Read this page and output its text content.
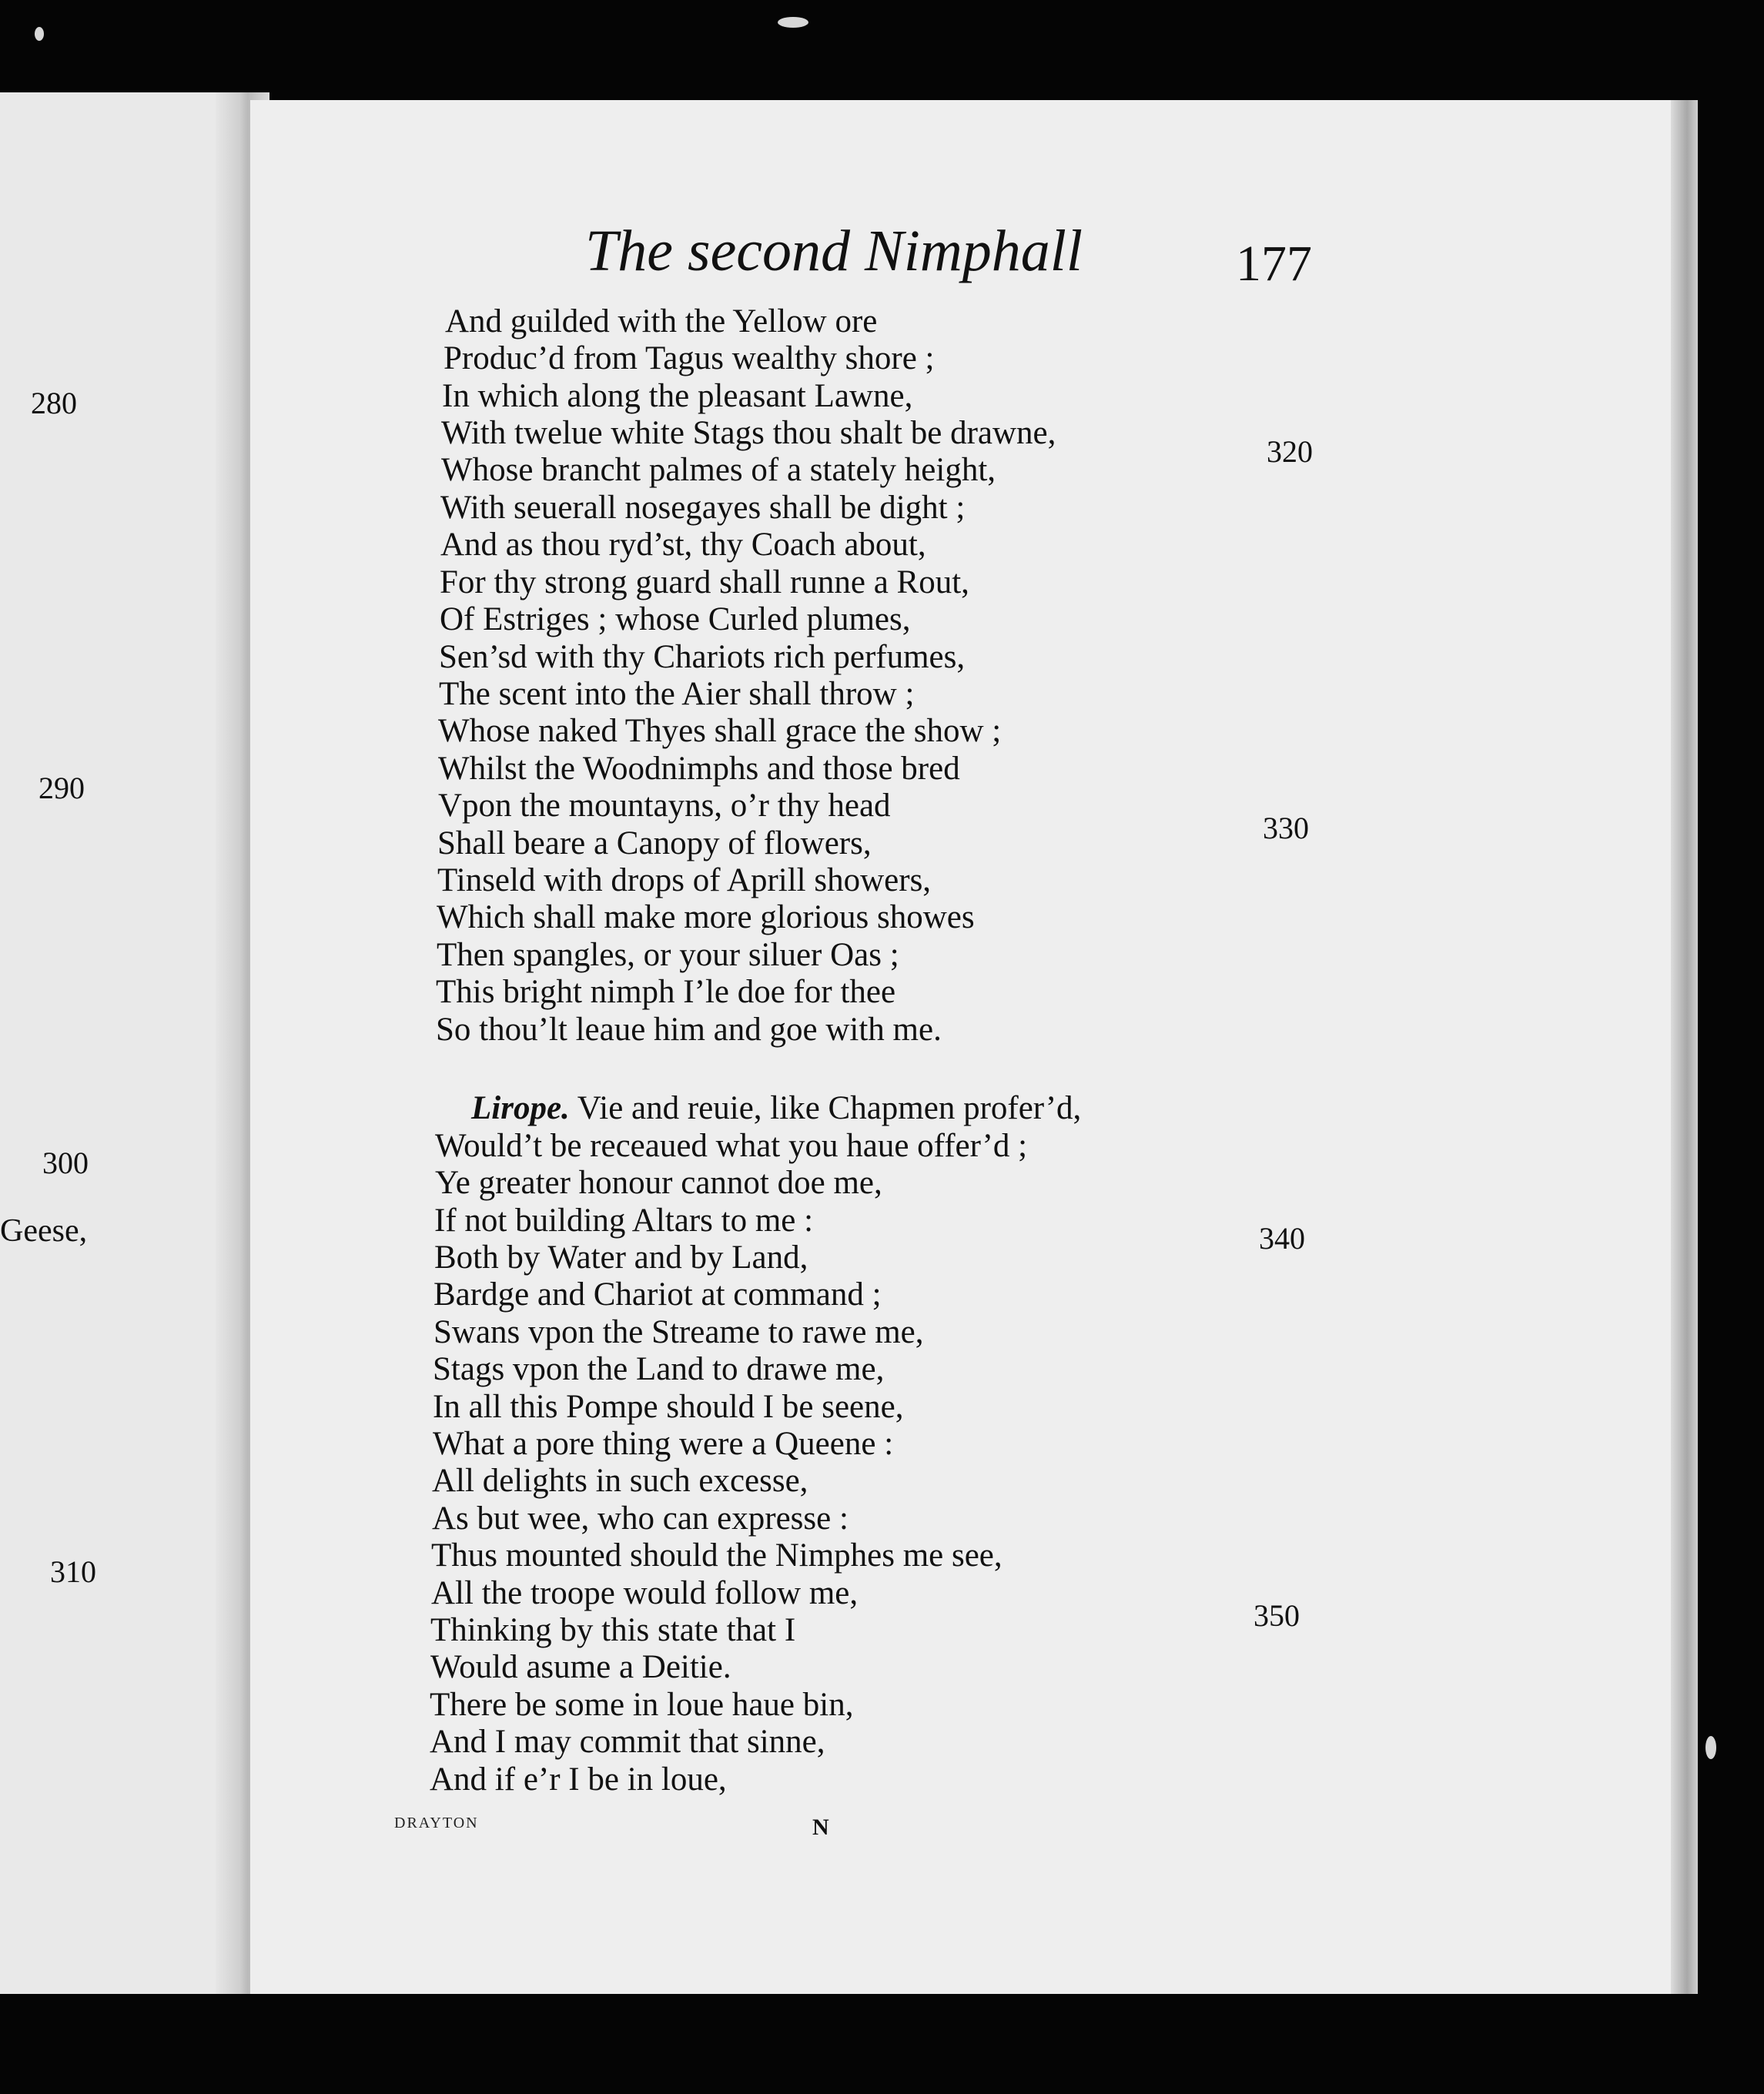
280
290
300
Geese,
310
The second Nimphall	177
320
330
340
350
And guilded with the Yellow ore
Produc’d from Tagus wealthy shore ;
In which along the pleasant Lawne,
With twelue white Stags thou shalt be drawne,
Whose brancht palmes of a stately height,
With seuerall nosegayes shall be dight ;
And as thou ryd’st, thy Coach about,
For thy strong guard shall runne a Rout,
Of Estriges ; whose Curled plumes,
Sen’sd with thy Chariots rich perfumes,
The scent into the Aier shall throw ;
Whose naked Thyes shall grace the show ;
Whilst the Woodnimphs and those bred
Vpon the mountayns, o’r thy head
Shall beare a Canopy of flowers,
Tinseld with drops of Aprill showers,
Which shall make more glorious showes
Then spangles, or your siluer Oas ;
This bright nimph I’le doe for thee
So thou’lt leaue him and goe with me.
Lirope. Vie and reuie, like Chapmen profer’d,
Would’t be receaued what you haue offer’d ;
Ye greater honour cannot doe me,
If not building Altars to me :
Both by Water and by Land,
Bardge and Chariot at command ;
Swans vpon the Streame to rawe me,
Stags vpon the Land to drawe me,
In all this Pompe should I be seene,
What a pore thing were a Queene :
All delights in such excesse,
As but wee, who can expresse :
Thus mounted should the Nimphes me see,
All the troope would follow me,
Thinking by this state that I
Would asume a Deitie.
There be some in loue haue bin,
And I may commit that sinne,
And if e’r I be in loue,
DRAYTON	N
